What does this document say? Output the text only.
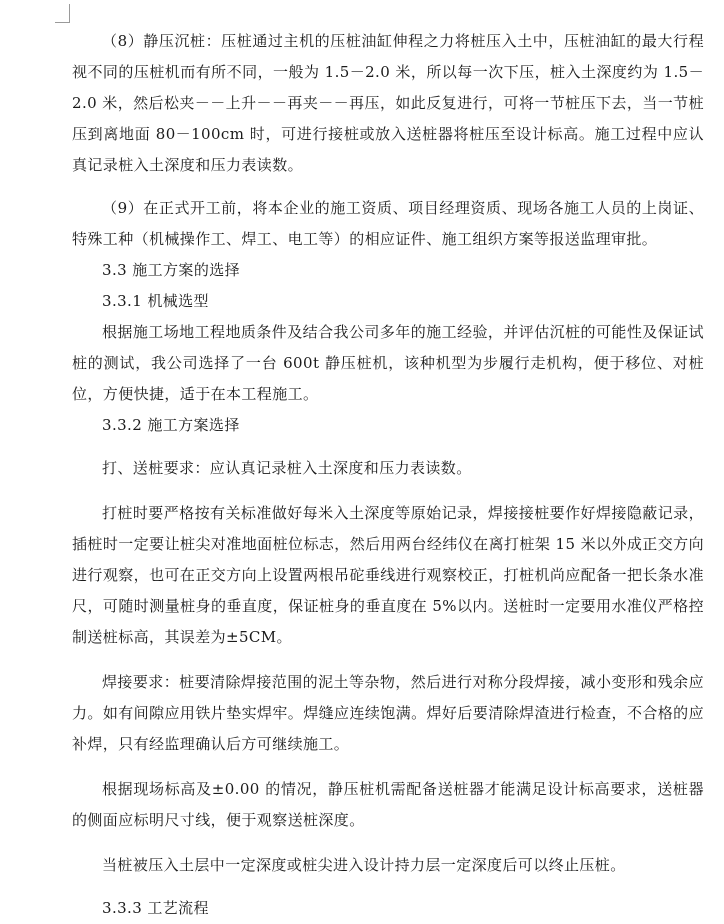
（8）静压沉桩：压桩通过主机的压桩油缸伸程之力将桩压入土中，压桩油缸的最大行程视不同的压桩机而有所不同，一般为 1.5－2.0 米，所以每一次下压，桩入土深度约为 1.5－2.0 米，然后松夹－－上升－－再夹－－再压，如此反复进行，可将一节桩压下去，当一节桩压到离地面 80－100cm 时，可进行接桩或放入送桩器将桩压至设计标高。施工过程中应认真记录桩入土深度和压力表读数。

（9）在正式开工前，将本企业的施工资质、项目经理资质、现场各施工人员的上岗证、特殊工种（机械操作工、焊工、电工等）的相应证件、施工组织方案等报送监理审批。

3.3 施工方案的选择

3.3.1 机械选型

根据施工场地工程地质条件及结合我公司多年的施工经验，并评估沉桩的可能性及保证试桩的测试，我公司选择了一台 600t 静压桩机，该种机型为步履行走机构，便于移位、对桩位，方便快捷，适于在本工程施工。

3.3.2 施工方案选择

打、送桩要求：应认真记录桩入土深度和压力表读数。

打桩时要严格按有关标准做好每米入土深度等原始记录，焊接接桩要作好焊接隐蔽记录，插桩时一定要让桩尖对准地面桩位标志，然后用两台经纬仪在离打桩架 15 米以外成正交方向进行观察，也可在正交方向上设置两根吊砣垂线进行观察校正，打桩机尚应配备一把长条水准尺，可随时测量桩身的垂直度，保证桩身的垂直度在 5%以内。送桩时一定要用水准仪严格控制送桩标高，其误差为±5CM。

焊接要求：桩要清除焊接范围的泥土等杂物，然后进行对称分段焊接，减小变形和残余应力。如有间隙应用铁片垫实焊牢。焊缝应连续饱满。焊好后要清除焊渣进行检查，不合格的应补焊，只有经监理确认后方可继续施工。

根据现场标高及±0.00 的情况，静压桩机需配备送桩器才能满足设计标高要求，送桩器的侧面应标明尺寸线，便于观察送桩深度。

当桩被压入土层中一定深度或桩尖进入设计持力层一定深度后可以终止压桩。

3.3.3 工艺流程
